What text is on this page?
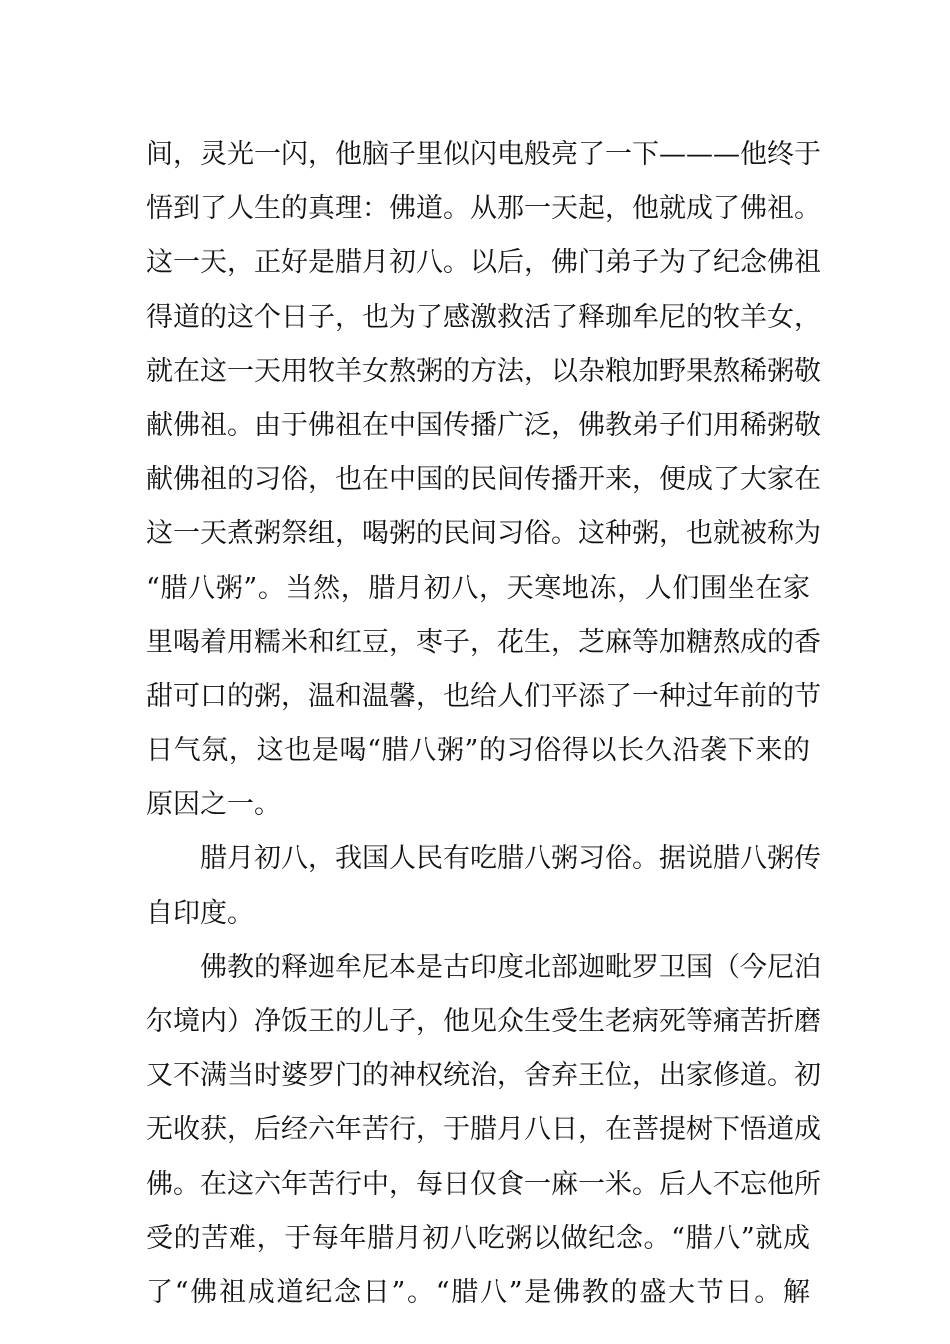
间，灵光一闪，他脑子里似闪电般亮了一下———他终于
悟到了人生的真理：佛道。从那一天起，他就成了佛祖。
这一天，正好是腊月初八。以后，佛门弟子为了纪念佛祖
得道的这个日子，也为了感激救活了释珈牟尼的牧羊女，
就在这一天用牧羊女熬粥的方法，以杂粮加野果熬稀粥敬
献佛祖。由于佛祖在中国传播广泛，佛教弟子们用稀粥敬
献佛祖的习俗，也在中国的民间传播开来，便成了大家在
这一天煮粥祭组，喝粥的民间习俗。这种粥，也就被称为
“腊八粥”。当然，腊月初八，天寒地冻，人们围坐在家
里喝着用糯米和红豆，枣子，花生，芝麻等加糖熬成的香
甜可口的粥，温和温馨，也给人们平添了一种过年前的节
日气氛，这也是喝“腊八粥”的习俗得以长久沿袭下来的
原因之一。
腊月初八，我国人民有吃腊八粥习俗。据说腊八粥传
自印度。
佛教的释迦牟尼本是古印度北部迦毗罗卫国（今尼泊
尔境内）净饭王的儿子，他见众生受生老病死等痛苦折磨
又不满当时婆罗门的神权统治，舍弃王位，出家修道。初
无收获，后经六年苦行，于腊月八日，在菩提树下悟道成
佛。在这六年苦行中，每日仅食一麻一米。后人不忘他所
受的苦难，于每年腊月初八吃粥以做纪念。“腊八”就成
了“佛祖成道纪念日”。“腊八”是佛教的盛大节日。解
